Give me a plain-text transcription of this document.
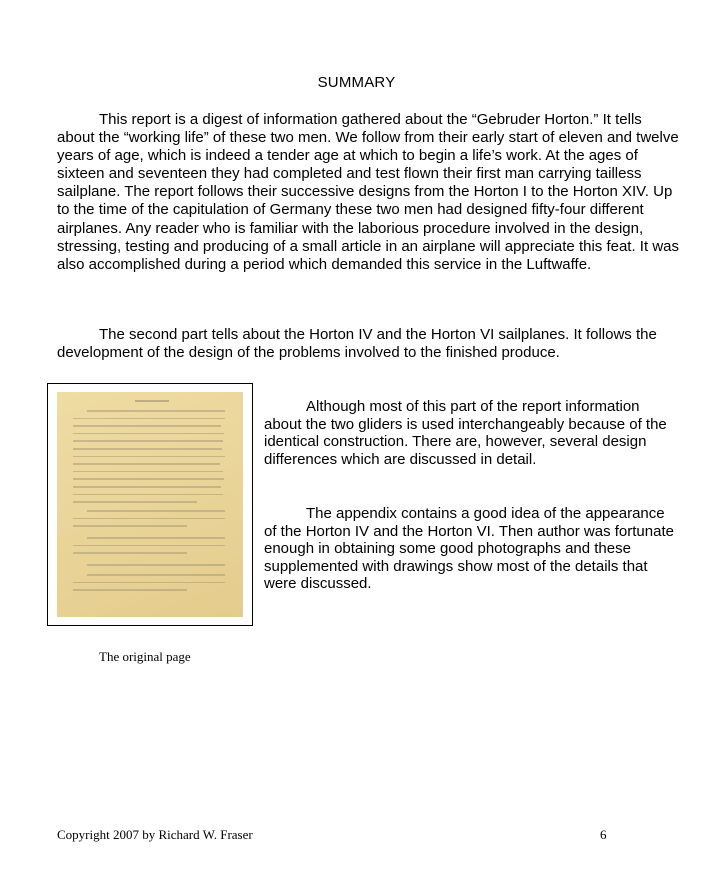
SUMMARY

This report is a digest of information gathered about the “Gebruder Horton.” It tells about the “working life” of these two men. We follow from their early start of eleven and twelve years of age, which is indeed a tender age at which to begin a life’s work. At the ages of sixteen and seventeen they had completed and test flown their first man carrying tailless sailplane. The report follows their successive designs from the Horton I to the Horton XIV. Up to the time of the capitulation of Germany these two men had designed fifty-four different airplanes. Any reader who is familiar with the laborious procedure involved in the design, stressing, testing and producing of a small article in an airplane will appreciate this feat. It was also accomplished during a period which demanded this service in the Luftwaffe.

The second part tells about the Horton IV and the Horton VI sailplanes. It follows the development of the design of the problems involved to the finished produce.

Although most of this part of the report information about the two gliders is used interchangeably because of the identical construction. There are, however, several design differences which are discussed in detail.

The appendix contains a good idea of the appearance of the Horton IV and the Horton VI. Then author was fortunate enough in obtaining some good photographs and these supplemented with drawings show most of the details that were discussed.

The original page
Copyright 2007 by Richard W. Fraser	6
